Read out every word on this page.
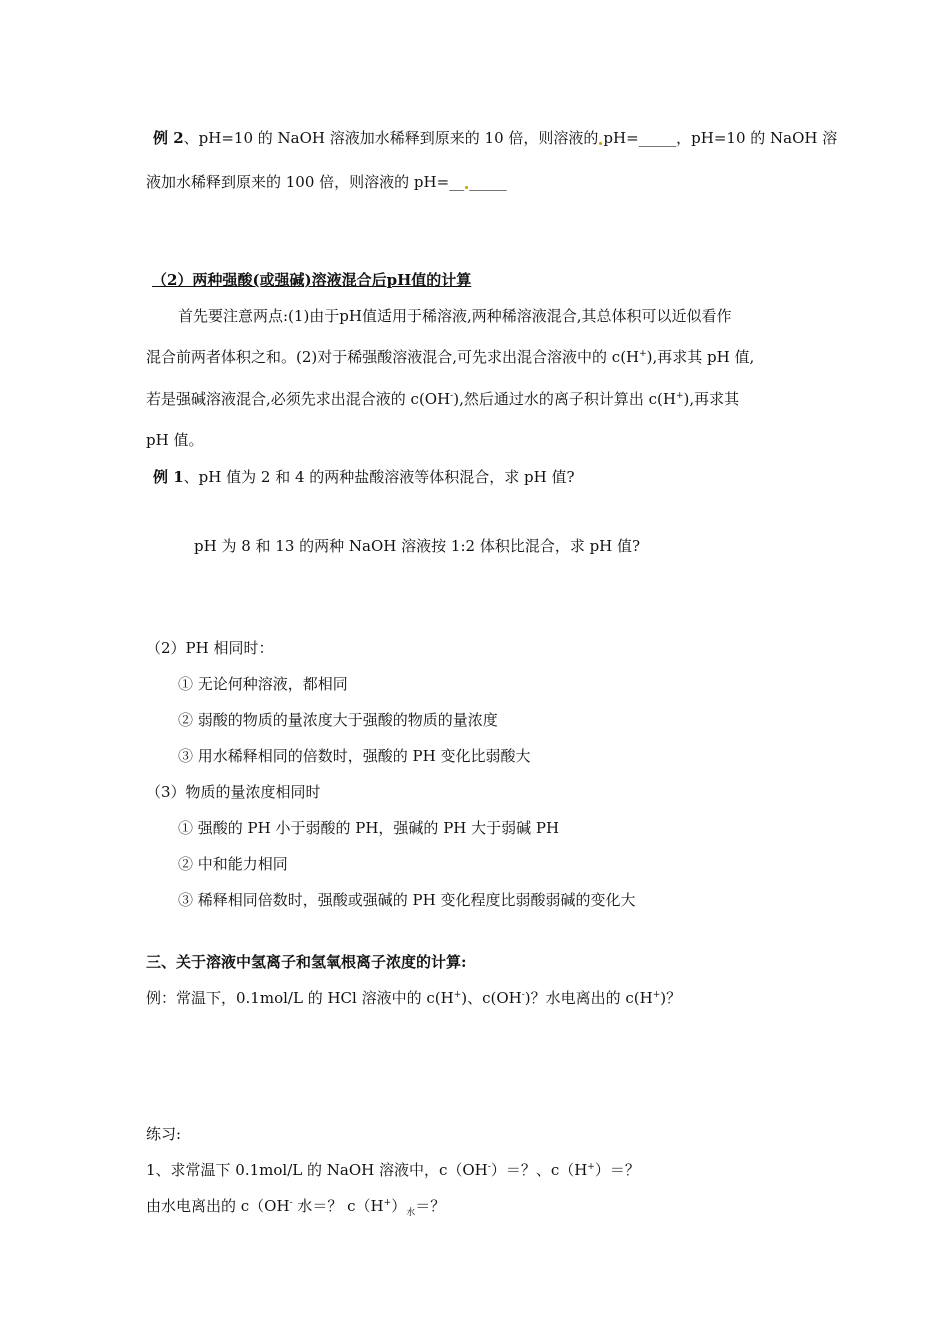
例 2、pH=10 的 NaOH 溶液加水稀释到原来的 10 倍，则溶液的 pH=_____，pH=10 的 NaOH 溶
液加水稀释到原来的 100 倍，则溶液的 pH=__ _____
（2）两种强酸(或强碱)溶液混合后pH值的计算
首先要注意两点:(1)由于pH值适用于稀溶液,两种稀溶液混合,其总体积可以近似看作
混合前两者体积之和。(2)对于稀强酸溶液混合,可先求出混合溶液中的 c(H+),再求其 pH 值,
若是强碱溶液混合,必须先求出混合液的 c(OH-),然后通过水的离子积计算出 c(H+),再求其
pH 值。
例 1、pH 值为 2 和 4 的两种盐酸溶液等体积混合，求 pH 值?
pH 为 8 和 13 的两种 NaOH 溶液按 1:2 体积比混合，求 pH 值?
（2）PH 相同时：
① 无论何种溶液，都相同
② 弱酸的物质的量浓度大于强酸的物质的量浓度
③ 用水稀释相同的倍数时，强酸的 PH 变化比弱酸大
（3）物质的量浓度相同时
① 强酸的 PH 小于弱酸的 PH，强碱的 PH 大于弱碱 PH
② 中和能力相同
③ 稀释相同倍数时，强酸或强碱的 PH 变化程度比弱酸弱碱的变化大
三、关于溶液中氢离子和氢氧根离子浓度的计算:
例：常温下，0.1mol/L 的 HCl 溶液中的 c(H+)、c(OH-)？水电离出的 c(H+)？
练习:
1、求常温下 0.1mol/L 的 NaOH 溶液中，c（OH-）＝？、c（H+）＝？
由水电离出的 c（OH- 水＝？ $c(H^+)_水=$？
